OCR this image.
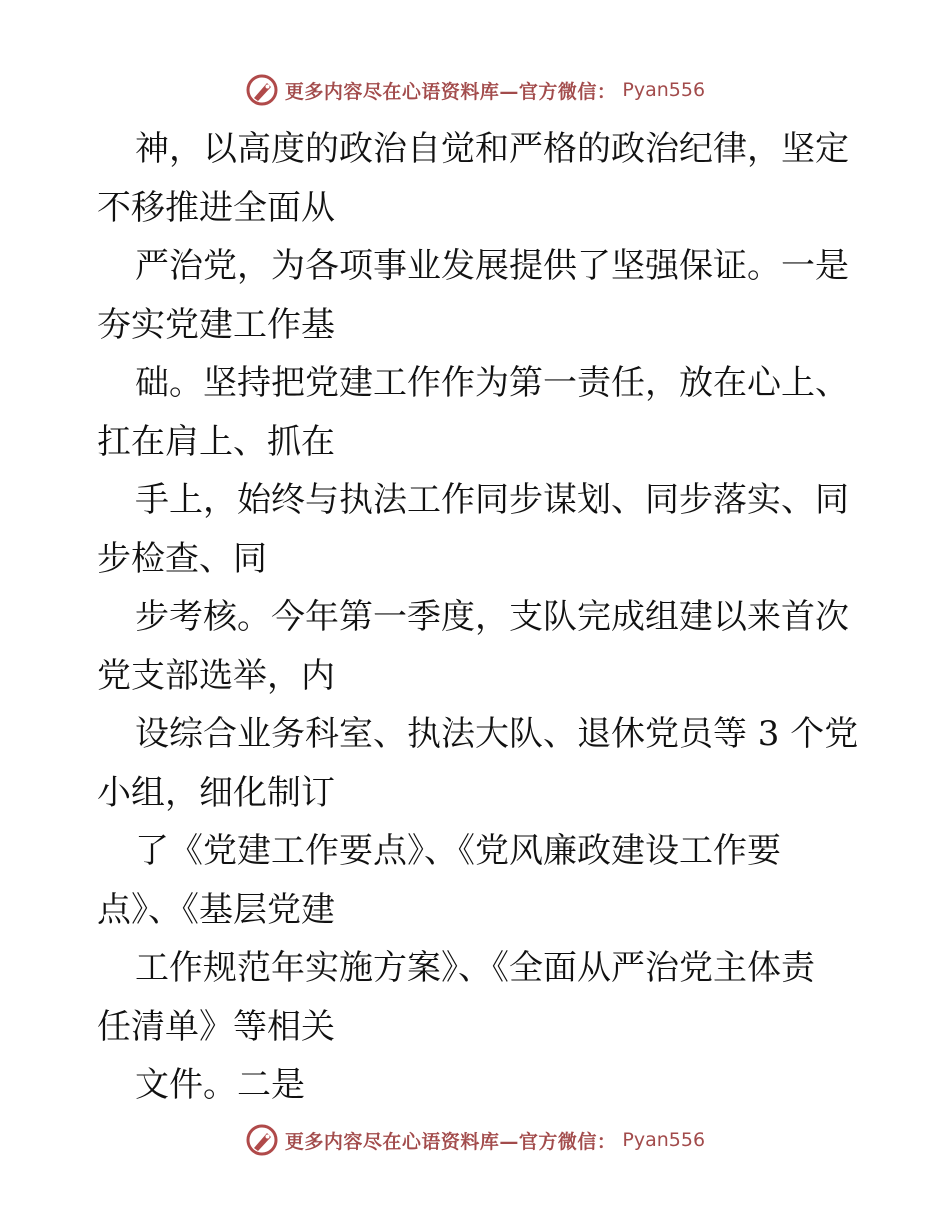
更多内容尽在心语资料库—官方微信： Pyan556
神，以高度的政治自觉和严格的政治纪律，坚定
不移推进全面从
严治党，为各项事业发展提供了坚强保证。一是
夯实党建工作基
础。坚持把党建工作作为第一责任，放在心上、
扛在肩上、抓在
手上，始终与执法工作同步谋划、同步落实、同
步检查、同
步考核。今年第一季度，支队完成组建以来首次
党支部选举，内
设综合业务科室、执法大队、退休党员等 3 个党
小组，细化制订
了《党建工作要点》、《党风廉政建设工作要
点》、《基层党建
工作规范年实施方案》、《全面从严治党主体责
任清单》等相关
文件。二是
更多内容尽在心语资料库—官方微信： Pyan556
